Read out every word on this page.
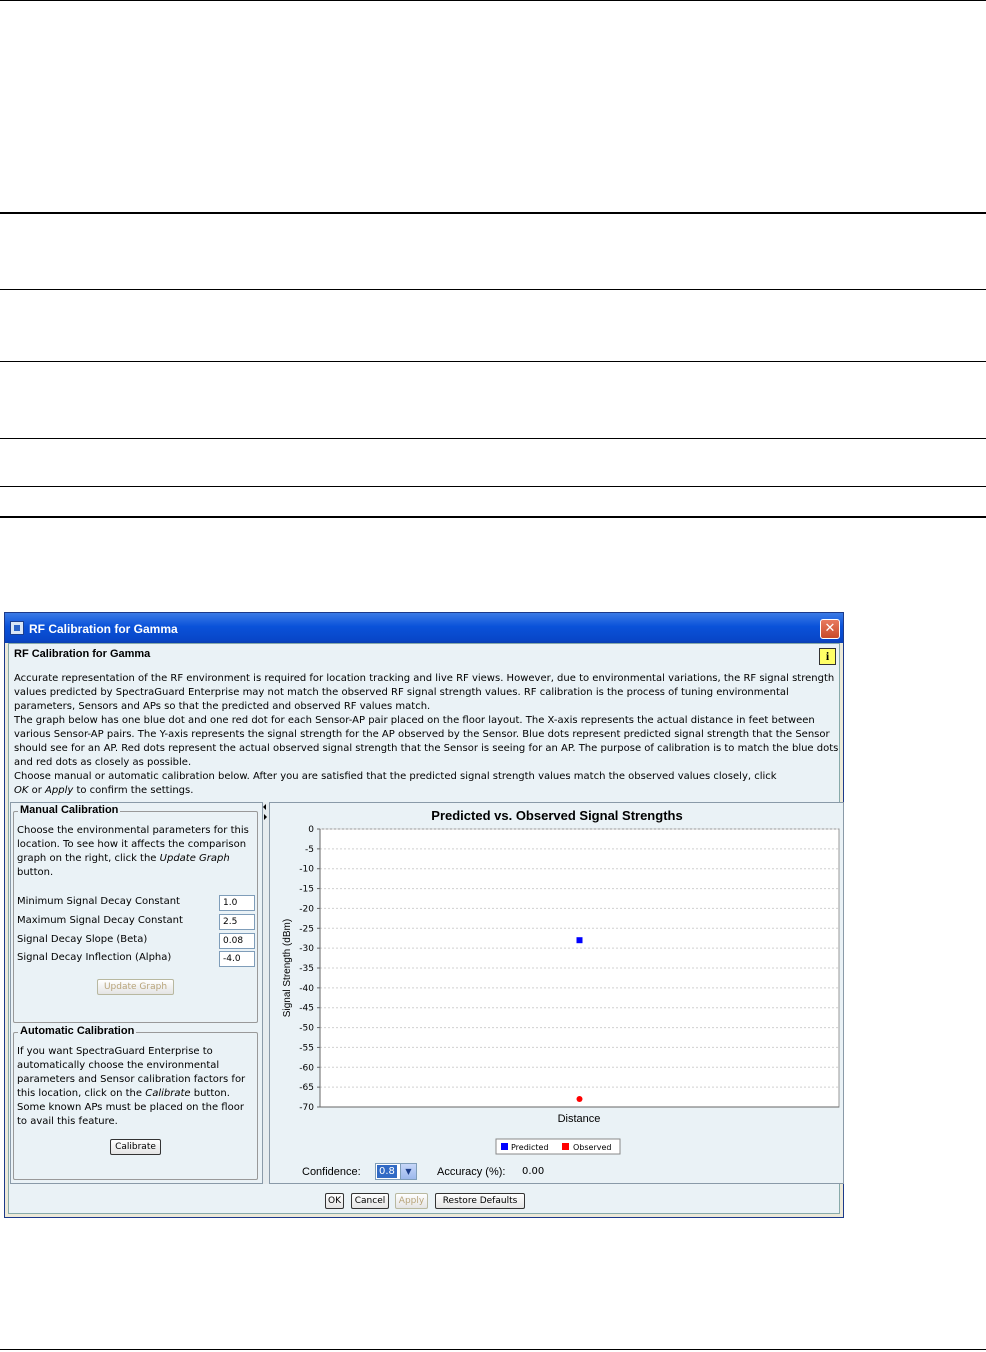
RF Calibration for Gamma	✕
RF Calibration for Gamma	i

Accurate representation of the RF environment is required for location tracking and live RF views. However, due to environmental variations, the RF signal strength values predicted by SpectraGuard Enterprise may not match the observed RF signal strength values. RF calibration is the process of tuning environmental parameters, Sensors and APs so that the predicted and observed RF values match.

The graph below has one blue dot and one red dot for each Sensor-AP pair placed on the floor layout. The X-axis represents the actual distance in feet between various Sensor-AP pairs. The Y-axis represents the signal strength for the AP observed by the Sensor. Blue dots represent predicted signal strength that the Sensor should see for an AP. Red dots represent the actual observed signal strength that the Sensor is seeing for an AP. The purpose of calibration is to match the blue dots and red dots as closely as possible.

Choose manual or automatic calibration below. After you are satisfied that the predicted signal strength values match the observed values closely, click
OK or Apply to confirm the settings.

Manual Calibration
Choose the environmental parameters for this location. To see how it affects the comparison graph on the right, click the Update Graph button.
Minimum Signal Decay Constant
1.0
Maximum Signal Decay Constant
2.5
Signal Decay Slope (Beta)
0.08
Signal Decay Inflection (Alpha)
-4.0
Update Graph
Automatic Calibration
If you want SpectraGuard Enterprise to automatically choose the environmental parameters and Sensor calibration factors for this location, click on the Calibrate button. Some known APs must be placed on the floor to avail this feature.
Calibrate
Predicted vs. Observed Signal Strengths
0
-5
-10
-15
-20
-25
-30
-35
-40
-45
-50
-55
-60
-65
-70
Distance
Signal Strength (dBm)
Predicted	Observed
Confidence: 0.8	▼	Accuracy (%): 0.00
OK	Cancel	Apply	Restore Defaults
